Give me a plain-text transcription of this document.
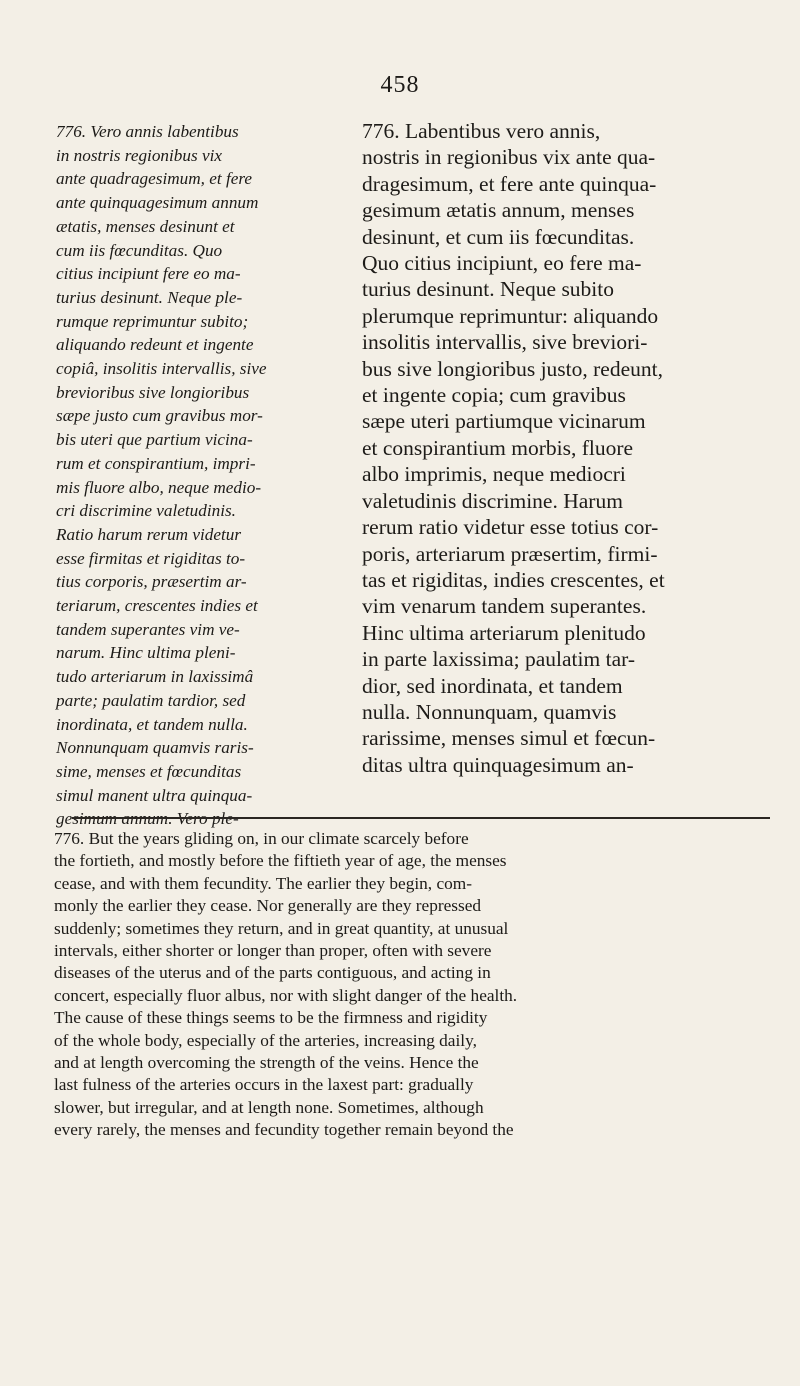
458
776. Vero annis labentibus
in nostris regionibus vix
ante quadragesimum, et fere
ante quinquagesimum annum
ætatis, menses desinunt et
cum iis fœcunditas. Quo
citius incipiunt fere eo ma-
turius desinunt. Neque ple-
rumque reprimuntur subito;
aliquando redeunt et ingente
copiâ, insolitis intervallis, sive
brevioribus sive longioribus
sæpe justo cum gravibus mor-
bis uteri que partium vicina-
rum et conspirantium, impri-
mis fluore albo, neque medio-
cri discrimine valetudinis.
Ratio harum rerum videtur
esse firmitas et rigiditas to-
tius corporis, præsertim ar-
teriarum, crescentes indies et
tandem superantes vim ve-
narum. Hinc ultima pleni-
tudo arteriarum in laxissimâ
parte; paulatim tardior, sed
inordinata, et tandem nulla.
Nonnunquam quamvis raris-
sime, menses et fœcunditas
simul manent ultra quinqua-
gesimum annum. Vero ple-
776. Labentibus vero annis,
nostris in regionibus vix ante qua-
dragesimum, et fere ante quinqua-
gesimum ætatis annum, menses
desinunt, et cum iis fœcunditas.
Quo citius incipiunt, eo fere ma-
turius desinunt. Neque subito
plerumque reprimuntur: aliquando
insolitis intervallis, sive breviori-
bus sive longioribus justo, redeunt,
et ingente copia; cum gravibus
sæpe uteri partiumque vicinarum
et conspirantium morbis, fluore
albo imprimis, neque mediocri
valetudinis discrimine. Harum
rerum ratio videtur esse totius cor-
poris, arteriarum præsertim, firmi-
tas et rigiditas, indies crescentes, et
vim venarum tandem superantes.
Hinc ultima arteriarum plenitudo
in parte laxissima; paulatim tar-
dior, sed inordinata, et tandem
nulla. Nonnunquam, quamvis
rarissime, menses simul et fœcun-
ditas ultra quinquagesimum an-
776. But the years gliding on, in our climate scarcely before
the fortieth, and mostly before the fiftieth year of age, the menses
cease, and with them fecundity. The earlier they begin, com-
monly the earlier they cease. Nor generally are they repressed
suddenly; sometimes they return, and in great quantity, at unusual
intervals, either shorter or longer than proper, often with severe
diseases of the uterus and of the parts contiguous, and acting in
concert, especially fluor albus, nor with slight danger of the health.
The cause of these things seems to be the firmness and rigidity
of the whole body, especially of the arteries, increasing daily,
and at length overcoming the strength of the veins. Hence the
last fulness of the arteries occurs in the laxest part: gradually
slower, but irregular, and at length none. Sometimes, although
every rarely, the menses and fecundity together remain beyond the
